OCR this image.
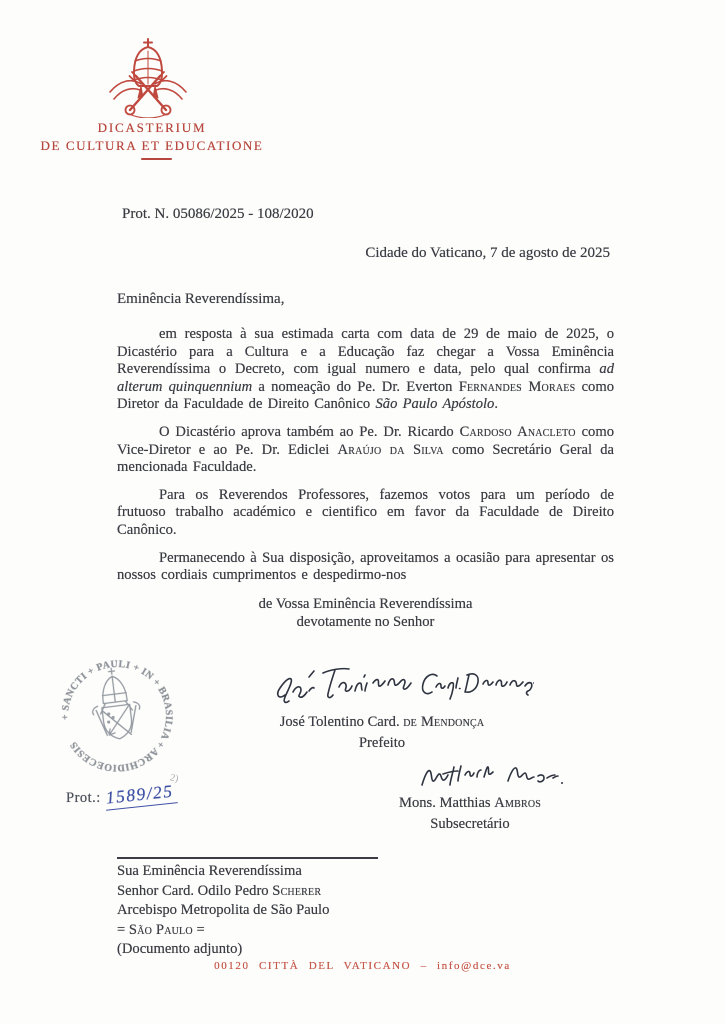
DICASTERIUM
DE CULTURA ET EDUCATIONE
Prot. N. 05086/2025 - 108/2020
Cidade do Vaticano, 7 de agosto de 2025
Eminência Reverendíssima,

em resposta à sua estimada carta com data de 29 de maio de 2025, o Dicastério para a Cultura e a Educação faz chegar a Vossa Eminência Reverendíssima o Decreto, com igual numero e data, pelo qual confirma ad alterum quinquennium a nomeação do Pe. Dr. Everton Fernandes Moraes como Diretor da Faculdade de Direito Canônico São Paulo Apóstolo.

O Dicastério aprova também ao Pe. Dr. Ricardo Cardoso Anacleto como Vice-Diretor e ao Pe. Dr. Ediclei Araújo da Silva como Secretário Geral da mencionada Faculdade.

Para os Reverendos Professores, fazemos votos para um período de frutuoso trabalho académico e cientifico em favor da Faculdade de Direito Canônico.

Permanecendo à Sua disposição, aproveitamos a ocasião para apresentar os nossos cordiais cumprimentos e despedirmo-nos

de Vossa Eminência Reverendíssima
devotamente no Senhor
José Tolentino Card. de Mendonça
Prefeito
Mons. Matthias Ambros
Subsecretário
+ SANCTI + PAULI + IN + BRASILIA + ARCHIDIOECESIS
Prot.: 1589/25
2)
Sua Eminência Reverendíssima
Senhor Card. Odilo Pedro Scherer
Arcebispo Metropolita de São Paulo
= São Paulo =
(Documento adjunto)
00120 CITTÀ DEL VATICANO – info@dce.va
